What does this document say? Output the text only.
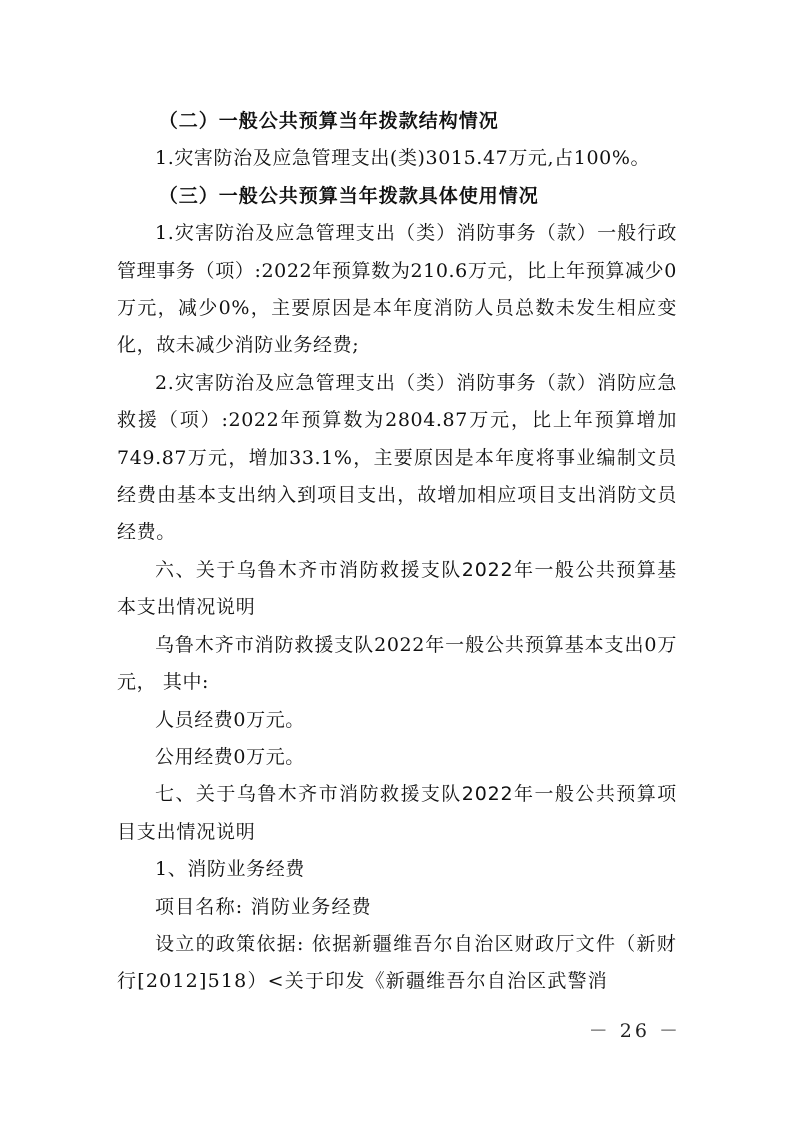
（二）一般公共预算当年拨款结构情况

1.灾害防治及应急管理支出(类)3015.47万元,占100%。

（三）一般公共预算当年拨款具体使用情况

1.灾害防治及应急管理支出（类）消防事务（款）一般行政管理事务（项）:2022年预算数为210.6万元，比上年预算减少0万元，减少0%，主要原因是本年度消防人员总数未发生相应变化，故未减少消防业务经费;

2.灾害防治及应急管理支出（类）消防事务（款）消防应急救援（项）:2022年预算数为2804.87万元，比上年预算增加749.87万元，增加33.1%，主要原因是本年度将事业编制文员经费由基本支出纳入到项目支出，故增加相应项目支出消防文员经费。

六、关于乌鲁木齐市消防救援支队2022年一般公共预算基本支出情况说明

乌鲁木齐市消防救援支队2022年一般公共预算基本支出0万元， 其中:

人员经费0万元。

公用经费0万元。

七、关于乌鲁木齐市消防救援支队2022年一般公共预算项目支出情况说明

1、消防业务经费

项目名称: 消防业务经费

设立的政策依据: 依据新疆维吾尔自治区财政厅文件（新财行[2012]518）<关于印发《新疆维吾尔自治区武警消

－ 26 －
